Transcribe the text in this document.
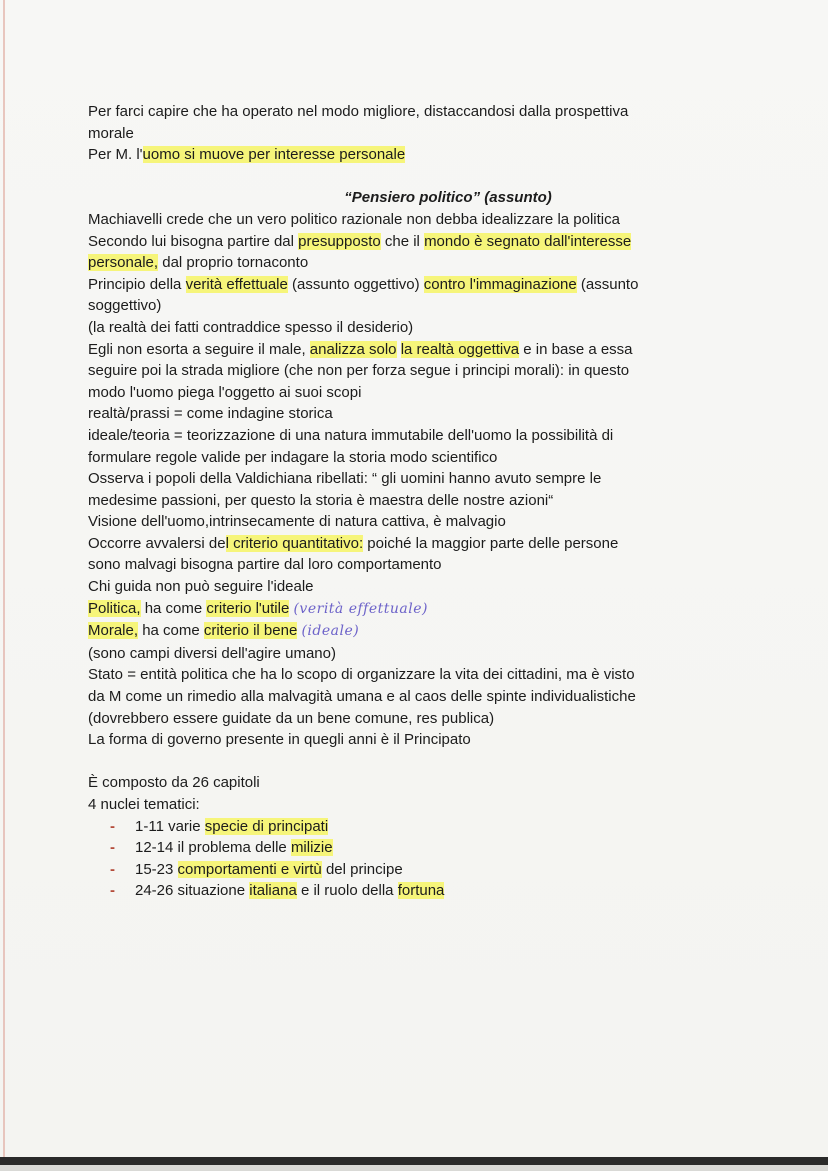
Per farci capire che ha operato nel modo migliore, distaccandosi dalla prospettiva
morale
Per M. l'uomo si muove per interesse personale
“Pensiero politico” (assunto)
Machiavelli crede che un vero politico razionale non debba idealizzare la politica
Secondo lui bisogna partire dal presupposto che il mondo è segnato dall'interesse
personale, dal proprio tornaconto
Principio della verità effettuale (assunto oggettivo) contro l'immaginazione (assunto
soggettivo)
(la realtà dei fatti contraddice spesso il desiderio)
Egli non esorta a seguire il male, analizza solo la realtà oggettiva e in base a essa
seguire poi la strada migliore (che non per forza segue i principi morali): in questo
modo l'uomo piega l'oggetto ai suoi scopi
realtà/prassi = come indagine storica
ideale/teoria = teorizzazione di una natura immutabile dell'uomo la possibilità di
formulare regole valide per indagare la storia modo scientifico
Osserva i popoli della Valdichiana ribellati: “ gli uomini hanno avuto sempre le
medesime passioni, per questo la storia è maestra delle nostre azioni“
Visione dell'uomo,intrinsecamente di natura cattiva, è malvagio
Occorre avvalersi del criterio quantitativo: poiché la maggior parte delle persone
sono malvagi bisogna partire dal loro comportamento
Chi guida non può seguire l'ideale
Politica, ha come criterio l'utile (verità effettuale)
Morale, ha come criterio il bene (ideale)
(sono campi diversi dell'agire umano)
Stato = entità politica che ha lo scopo di organizzare la vita dei cittadini, ma è visto
da M come un rimedio alla malvagità umana e al caos delle spinte individualistiche
(dovrebbero essere guidate da un bene comune, res publica)
La forma di governo presente in quegli anni è il Principato
È composto da 26 capitoli
4 nuclei tematici:
- 1-11 varie specie di principati
- 12-14 il problema delle milizie
- 15-23 comportamenti e virtù del principe
- 24-26 situazione italiana e il ruolo della fortuna
